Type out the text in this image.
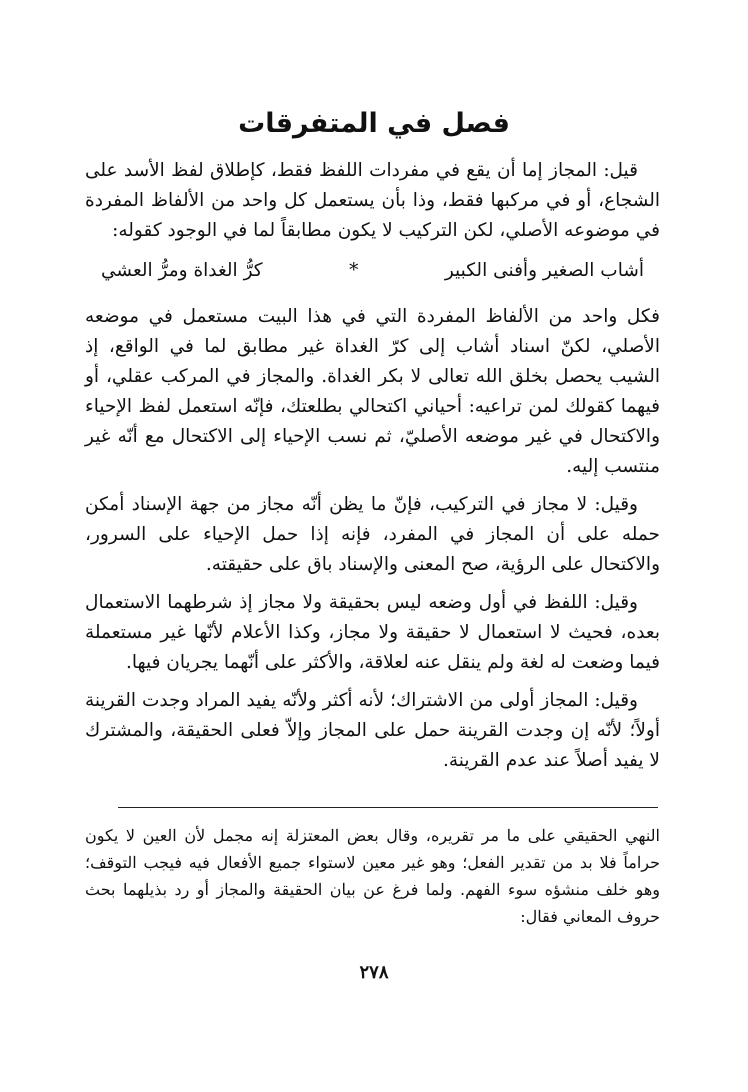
فصل في المتفرقات

قيل: المجاز إما أن يقع في مفردات اللفظ فقط، كإطلاق لفظ الأسد على الشجاع، أو في مركبها فقط، وذا بأن يستعمل كل واحد من الألفاظ المفردة في موضوعه الأصلي، لكن التركيب لا يكون مطابقاً لما في الوجود كقوله:

أشاب الصغير وأفنى الكبير
*
كرُّ الغداة ومرُّ العشي

فكل واحد من الألفاظ المفردة التي في هذا البيت مستعمل في موضعه الأصلي، لكنّ اسناد أشاب إلى كرّ الغداة غير مطابق لما في الواقع، إذ الشيب يحصل بخلق الله تعالى لا بكر الغداة. والمجاز في المركب عقلي، أو فيهما كقولك لمن تراعيه: أحياني اكتحالي بطلعتك، فإنّه استعمل لفظ الإحياء والاكتحال في غير موضعه الأصليّ، ثم نسب الإحياء إلى الاكتحال مع أنّه غير منتسب إليه.

وقيل: لا مجاز في التركيب، فإنّ ما يظن أنّه مجاز من جهة الإسناد أمكن حمله على أن المجاز في المفرد، فإنه إذا حمل الإحياء على السرور، والاكتحال على الرؤية، صح المعنى والإسناد باق على حقيقته.

وقيل: اللفظ في أول وضعه ليس بحقيقة ولا مجاز إذ شرطهما الاستعمال بعده، فحيث لا استعمال لا حقيقة ولا مجاز، وكذا الأعلام لأنّها غير مستعملة فيما وضعت له لغة ولم ينقل عنه لعلاقة، والأكثر على أنّهما يجريان فيها.

وقيل: المجاز أولى من الاشتراك؛ لأنه أكثر ولأنّه يفيد المراد وجدت القرينة أولاً؛ لأنّه إن وجدت القرينة حمل على المجاز وإلاّ فعلى الحقيقة، والمشترك لا يفيد أصلاً عند عدم القرينة.

النهي الحقيقي على ما مر تقريره، وقال بعض المعتزلة إنه مجمل لأن العين لا يكون حراماً فلا بد من تقدير الفعل؛ وهو غير معين لاستواء جميع الأفعال فيه فيجب التوقف؛ وهو خلف منشؤه سوء الفهم. ولما فرغ عن بيان الحقيقة والمجاز أو رد بذيلهما بحث حروف المعاني فقال:

٢٧٨
